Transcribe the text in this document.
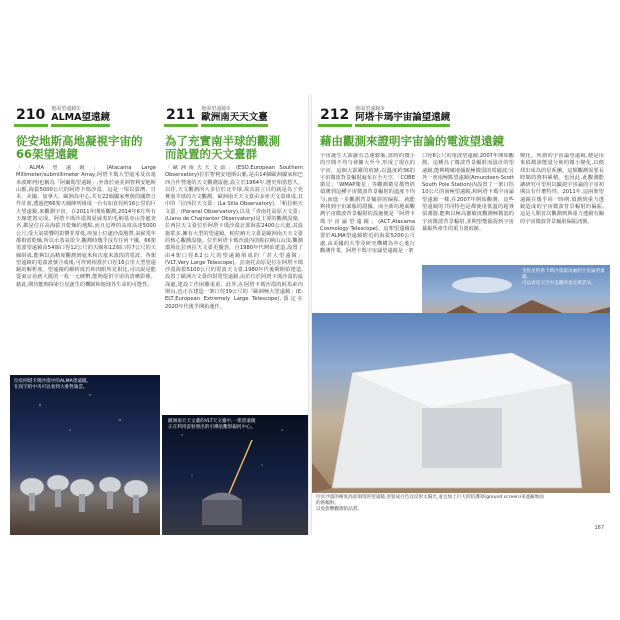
210	地面望遠鏡①
ALMA望遠鏡
從安地斯高地凝視宇宙的
66架望遠鏡
「ALMA望遠鏡」(Atacama Large Millimeter/submillimeter Array,阿塔卡瑪大型毫米及次毫米波陣列)也稱為「阿爾瑪望遠鏡」,坐落於南美洲智利安地斯山脈,海拔5000公尺的阿塔卡瑪沙漠。這是一項以臺灣、日本、美國、加拿大、歐洲為中心,共有22個國家參與的國際合作計畫,透過把66架天線陣列組成一台有如直徑約16公里的巨大望遠鏡,來觀測宇宙。在2011年開始觀測,2014年6月所有天線建置完成。阿塔卡瑪沙漠與夏威夷的毛納基亞山等處查名,都是位在高海拔且乾燥的地點,而且這裡的高度高達5000公尺,受大氣影響的影響非常低,再加上位處沙漠地帶,氣候常年都相當乾燥,所以水蒸氣很少,觀測時幾乎沒有任何干擾。66架電波望遠鏡由54個口徑12公尺的天線和12個口徑7公尺的天線組成,能夠以高精度觀測到毫米和次毫米波段的電波。各架望遠鏡的電波訊號合成後,可得到相當於口徑16公里大型望遠鏡的解析度。望遠鏡的解析度若和肉眼所見相比,可以說是能從東京看到大阪的一枚一元硬幣,能夠提供宇宙的清晰影像。藉此,期待能夠探索行星誕生的機制和地球外生命的可能性。
211	地面望遠鏡②
歐洲南天天文臺
為了充實南半球的觀測
而設置的天文臺群
「歐洲南天天文臺」(ESO,European Southern Observatory)位於智利安地斯山脈,是由14個歐洲國家和巴西合作營運的天文觀測設施,設立於1964年,歷史相當悠久。以往,天文觀測所大多位於北半球,故其設立目的就是為了充實南半球的天文觀測。歐洲南天天文臺由多座天文臺組成,其中的「拉西拉天文臺」(La Silla Observatory)、「帕拉納天文臺」(Paranal Observatory),以及「查南托高原天文臺」(Llano de Chajnantor Observatory)是主要的觀測設施。拉西拉天文臺位於阿塔卡瑪沙漠北部海拔2400公尺處,其設施眾多,擁有大型的望遠鏡。帕拉納天文臺是歐洲南天天文臺的核心觀測設施。位於阿塔卡瑪沙漠內的帕拉納山山頂,觀測環境比拉西拉天文臺更優異。自1980年代開始建造,設置了由4架口徑8.2公尺的望遠鏡組成的「甚大望遠鏡」(VLT,Very Large Telescope)。拉南托高原是位在阿塔卡瑪沙漠海拔5100公尺的電波天文臺,1980年代後期開始建造,設置了歐洲天文臺的射電望遠鏡,由於位於阿塔卡瑪沙漠的最深處,建設工作困難重重。此外,在阿塔卡瑪沙漠的阿馬索內斯山,也正在建造一架口徑39公尺的「歐洲極大望遠鏡」(E-ELT,European Extremely Large Telescope),預定在2020年代後半開始運作。
位於阿塔卡瑪沙漠中的ALMA望遠鏡。
在夜空的中央可以看到大麥哲倫雲。
歐洲南天天文臺的VLT天文臺中,一架望遠鏡
正在利用雷射照出的引導星觀察銀河中心。
166
212	地面望遠鏡③
阿塔卡瑪宇宙論望遠鏡
藉由觀測來證明宇宙論的電波望遠鏡
宇宙誕生大霹靂有急速膨脹,當時的微小的空間不均勻會擴大至今,形成了現在的宇宙。這個大霹靂的痕跡,以溫度約3K的宇宙微波背景輻射遍布在全天空。「COBE衛星」「WMAP衛星」等觀測衛星都曾經偵測到這種宇宙微波背景輻射的溫度不均勻,而進一步觀測背景輻射的偏振、就能夠找到宇宙暴脹的證據。而全新的地面觀測宇宙微波背景輻射的設施便是「阿塔卡瑪宇宙論望遠鏡」(ACT,Atacama Cosmology Telescope)。這架望遠鏡設置於ALMA望遠鏡附近的海拔5200公尺處,由美國的大學及研究機構為中心進行觀測作業。阿塔卡瑪宇宙論望遠鏡是一架
口徑6公尺的電波望遠鏡,2007年開始觀測。這種為了微波背景輻射而設計的望遠鏡,能夠精確地捕捉極微弱的電磁波;另外一座南極點望遠鏡(Amundsen-Scott South Pole Station)內設置了一架口徑10公尺的南極望遠鏡,和阿塔卡瑪宇宙論望遠鏡一樣,在2007年開始觀測。這些望遠鏡的共同特色是都使用低溫的超導偵測器,能夠以極高靈敏度觀測極微弱的宇宙微波背景輻射,並期望能捕捉到宇宙暴脹所產生的重力波痕跡。
變化。所謂的宇宙論望遠鏡,便是用來偵測該能量分佈的微小變化,以便找出成為的星系團。這類觀測需要長時間的資料累積。也因此,此觀測能讓研究可望用以驗證宇宙論的宇宙初期具有什麼特性。2011年,這兩架望遠鏡在幾乎同一時期,偵測到重力透鏡造成的宇宙微波背景輻射的偏振,這是人類首次觀測到與重力透鏡有關的宇宙微波背景輻射偏振訊號。
金恆星阿塔卡瑪沙漠最高處的宇宙論望遠鏡,
可以看見天空中美麗的星光與雲朵。
位於沙漠的極度高原環境的望遠鏡,塗裝成白色以反射太陽光,並且加上巨大的防護罩(ground screen)來遮蔽地面的熱輻射。
以免影響觀測的品質。
167
